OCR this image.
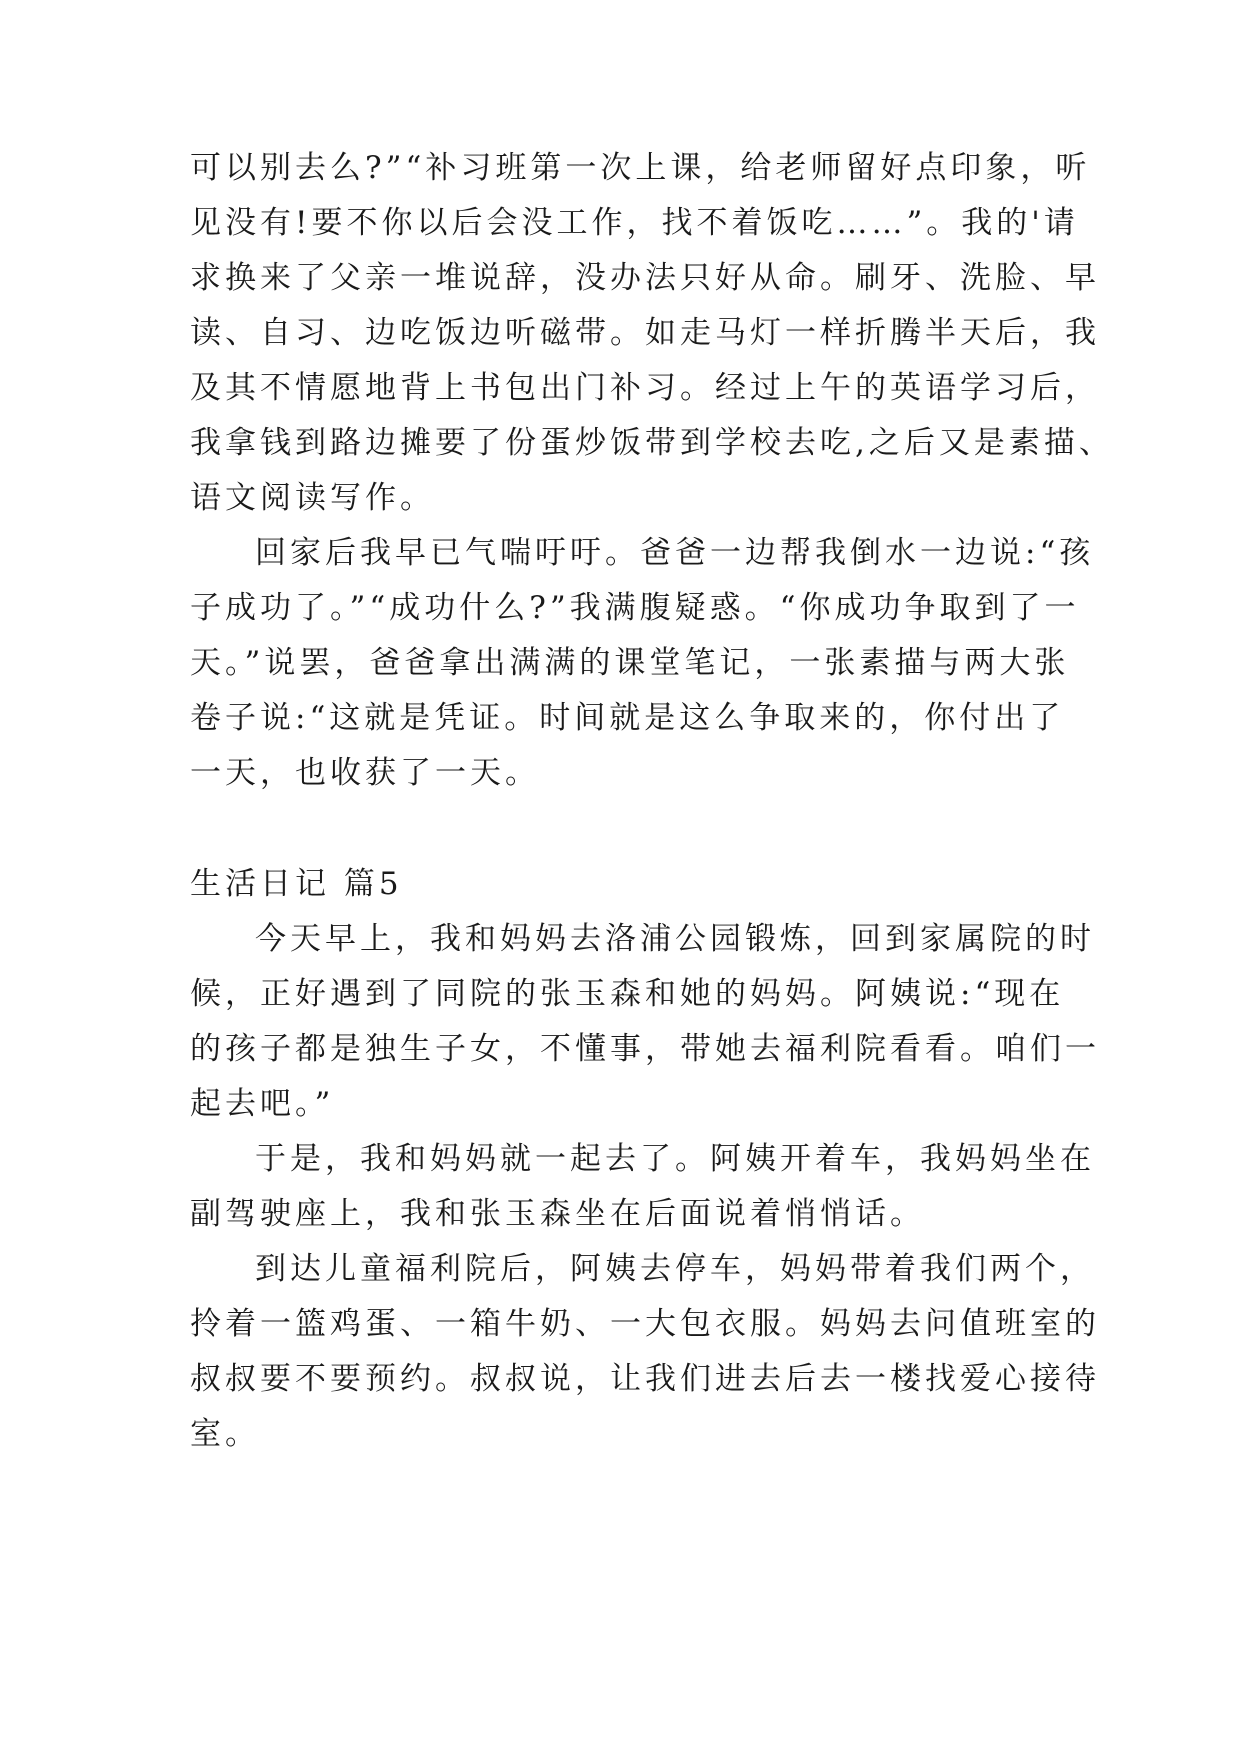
可以别去么?”“补习班第一次上课，给老师留好点印象，听
见没有!要不你以后会没工作，找不着饭吃……”。我的'请
求换来了父亲一堆说辞，没办法只好从命。刷牙、洗脸、早
读、自习、边吃饭边听磁带。如走马灯一样折腾半天后，我
及其不情愿地背上书包出门补习。经过上午的英语学习后，
我拿钱到路边摊要了份蛋炒饭带到学校去吃,之后又是素描、
语文阅读写作。
回家后我早已气喘吁吁。爸爸一边帮我倒水一边说:“孩
子成功了。”“成功什么?”我满腹疑惑。“你成功争取到了一
天。”说罢，爸爸拿出满满的课堂笔记，一张素描与两大张
卷子说:“这就是凭证。时间就是这么争取来的，你付出了
一天，也收获了一天。
生活日记 篇5
今天早上，我和妈妈去洛浦公园锻炼，回到家属院的时
候，正好遇到了同院的张玉森和她的妈妈。阿姨说:“现在
的孩子都是独生子女，不懂事，带她去福利院看看。咱们一
起去吧。”
于是，我和妈妈就一起去了。阿姨开着车，我妈妈坐在
副驾驶座上，我和张玉森坐在后面说着悄悄话。
到达儿童福利院后，阿姨去停车，妈妈带着我们两个，
拎着一篮鸡蛋、一箱牛奶、一大包衣服。妈妈去问值班室的
叔叔要不要预约。叔叔说，让我们进去后去一楼找爱心接待
室。
